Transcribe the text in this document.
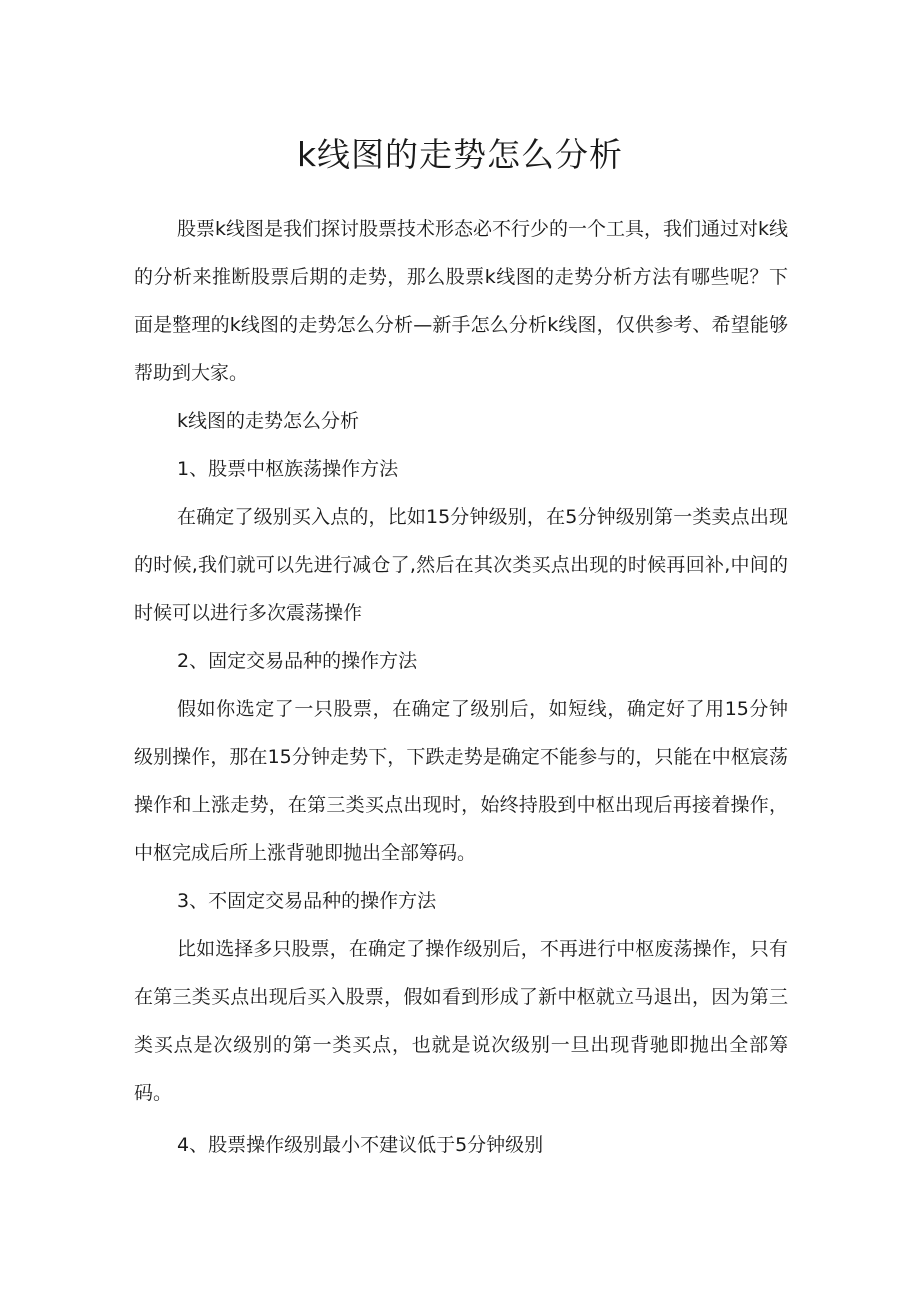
k线图的走势怎么分析

股票k线图是我们探讨股票技术形态必不行少的一个工具，我们通过对k线的分析来推断股票后期的走势，那么股票k线图的走势分析方法有哪些呢？下面是整理的k线图的走势怎么分析—新手怎么分析k线图，仅供参考、希望能够帮助到大家。

k线图的走势怎么分析

1、股票中枢族荡操作方法

在确定了级别买入点的，比如15分钟级别，在5分钟级别第一类卖点出现的时候,我们就可以先进行减仓了,然后在其次类买点出现的时候再回补,中间的时候可以进行多次震荡操作

2、固定交易品种的操作方法

假如你选定了一只股票，在确定了级别后，如短线，确定好了用15分钟级别操作，那在15分钟走势下，下跌走势是确定不能参与的，只能在中枢宸荡操作和上涨走势，在第三类买点出现时，始终持股到中枢出现后再接着操作，中枢完成后所上涨背驰即抛出全部筹码。

3、不固定交易品种的操作方法

比如选择多只股票，在确定了操作级别后，不再进行中枢废荡操作，只有在第三类买点出现后买入股票，假如看到形成了新中枢就立马退出，因为第三类买点是次级别的第一类买点，也就是说次级别一旦出现背驰即抛出全部筹码。

4、股票操作级别最小不建议低于5分钟级别
